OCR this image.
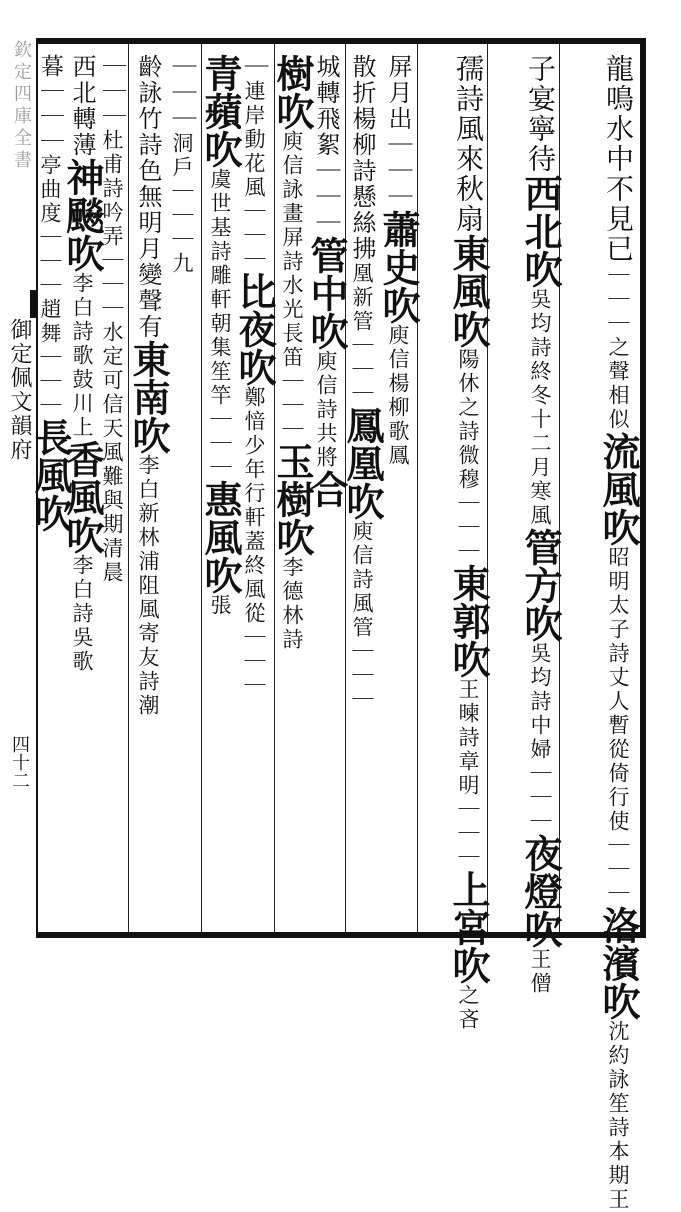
欽定四庫全書
御定佩文韻府
四十二
龍鳴水中不見已｜｜｜之聲相似流風吹昭明太子詩丈人暫從倚行使｜｜｜洛濱吹沈約詠笙詩本期王
子宴寧待西北吹吳均詩終冬十二月寒風管方吹吳均詩中婦｜｜｜夜燈吹王僧
孺詩風來秋扇東風吹陽休之詩微穆｜｜｜東郭吹王暕詩章明｜｜｜上宮吹之吝
屏月出｜｜｜蕭史吹庾信楊柳歌鳳
散折楊柳詩懸絲拂凰新管｜｜｜鳳凰吹庾信詩風管｜｜｜
城轉飛絮｜｜｜管中吹庾信詩共將合
樹吹庾信詠畫屏詩水光長笛｜｜｜玉樹吹李德林詩
｜連岸動花風｜｜｜比夜吹鄭愔少年行軒蓋終風從｜｜｜
青蘋吹虞世基詩雕軒朝集笙竿｜｜｜惠風吹張
｜｜｜洞戶｜｜｜九
齡詠竹詩色無明月變聲有東南吹李白新林浦阻風寄友詩潮
｜｜｜杜甫詩吟弄｜｜｜水定可信天風難與期清晨
西北轉薄神飈吹李白詩歌鼓川上香風吹李白詩吳歌
暮｜｜｜亭曲度｜｜｜趙舞｜｜｜長風吹
